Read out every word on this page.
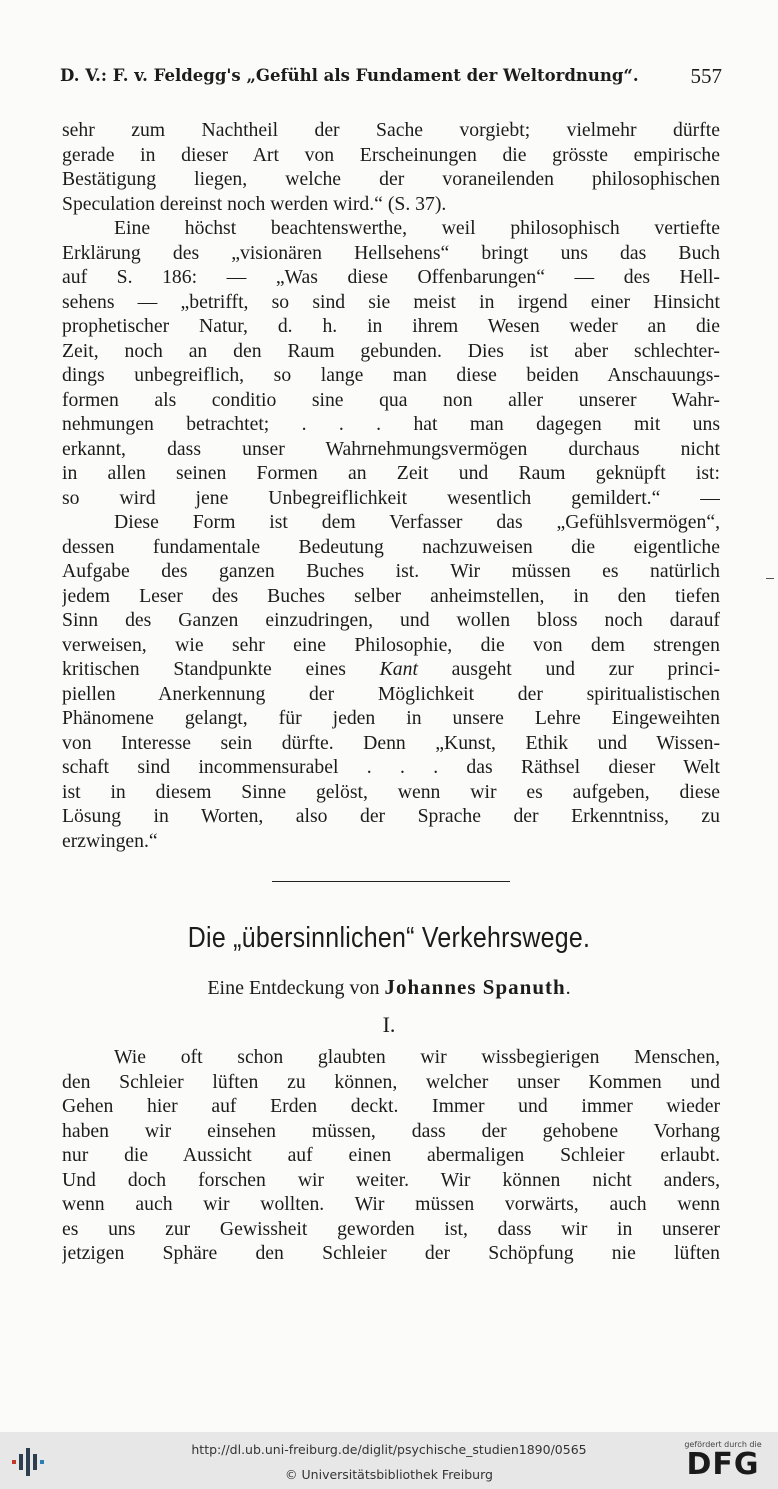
D. V.: F. v. Feldegg's „Gefühl als Fundament der Weltordnung“. 557
sehr zum Nachtheil der Sache vorgiebt; vielmehr dürfte
gerade in dieser Art von Erscheinungen die grösste empirische
Bestätigung liegen, welche der voraneilenden philosophischen
Speculation dereinst noch werden wird.“ (S. 37).
Eine höchst beachtenswerthe, weil philosophisch vertiefte
Erklärung des „visionären Hellsehens“ bringt uns das Buch
auf S. 186: — „Was diese Offenbarungen“ — des Hell-
sehens — „betrifft, so sind sie meist in irgend einer Hinsicht
prophetischer Natur, d. h. in ihrem Wesen weder an die
Zeit, noch an den Raum gebunden. Dies ist aber schlechter-
dings unbegreiflich, so lange man diese beiden Anschauungs-
formen als conditio sine qua non aller unserer Wahr-
nehmungen betrachtet; . . . hat man dagegen mit uns
erkannt, dass unser Wahrnehmungsvermögen durchaus nicht
in allen seinen Formen an Zeit und Raum geknüpft ist:
so wird jene Unbegreiflichkeit wesentlich gemildert.“ —
Diese Form ist dem Verfasser das „Gefühlsvermögen“,
dessen fundamentale Bedeutung nachzuweisen die eigentliche
Aufgabe des ganzen Buches ist. Wir müssen es natürlich
jedem Leser des Buches selber anheimstellen, in den tiefen
Sinn des Ganzen einzudringen, und wollen bloss noch darauf
verweisen, wie sehr eine Philosophie, die von dem strengen
kritischen Standpunkte eines Kant ausgeht und zur princi-
piellen Anerkennung der Möglichkeit der spiritualistischen
Phänomene gelangt, für jeden in unsere Lehre Eingeweihten
von Interesse sein dürfte. Denn „Kunst, Ethik und Wissen-
schaft sind incommensurabel . . . das Räthsel dieser Welt
ist in diesem Sinne gelöst, wenn wir es aufgeben, diese
Lösung in Worten, also der Sprache der Erkenntniss, zu
erzwingen.“
Die „übersinnlichen“ Verkehrswege.
Eine Entdeckung von Johannes Spanuth.
I.
Wie oft schon glaubten wir wissbegierigen Menschen,
den Schleier lüften zu können, welcher unser Kommen und
Gehen hier auf Erden deckt. Immer und immer wieder
haben wir einsehen müssen, dass der gehobene Vorhang
nur die Aussicht auf einen abermaligen Schleier erlaubt.
Und doch forschen wir weiter. Wir können nicht anders,
wenn auch wir wollten. Wir müssen vorwärts, auch wenn
es uns zur Gewissheit geworden ist, dass wir in unserer
jetzigen Sphäre den Schleier der Schöpfung nie lüften
http://dl.ub.uni-freiburg.de/diglit/psychische_studien1890/0565
© Universitätsbibliothek Freiburg
gefördert durch die
DFG
